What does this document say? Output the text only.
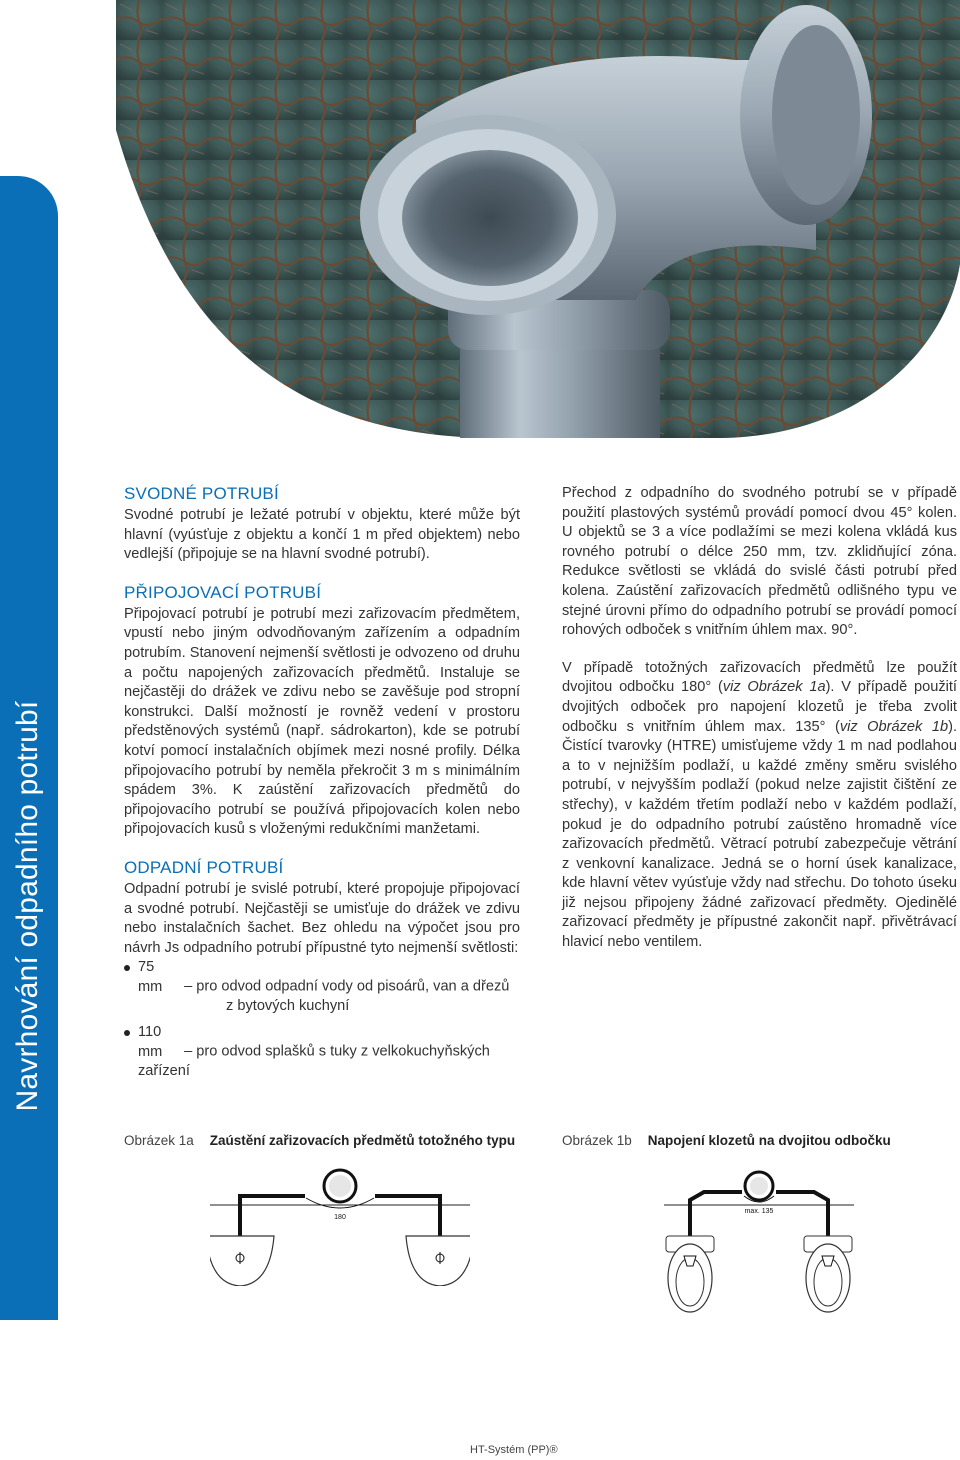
Navrhování odpadního potrubí
16
SVODNÉ POTRUBÍ

Svodné potrubí je ležaté potrubí v objektu, které může být hlavní (vyúsťuje z objektu a končí 1 m před objektem) nebo vedlejší (připojuje se na hlavní svodné potrubí).

PŘIPOJOVACÍ POTRUBÍ

Připojovací potrubí je potrubí mezi zařizovacím předmětem, vpustí nebo jiným odvodňovaným zařízením a odpadním potrubím. Stanovení nejmenší světlosti je odvozeno od druhu a počtu napojených zařizovacích předmětů. Instaluje se nejčastěji do drážek ve zdivu nebo se zavěšuje pod stropní konstrukci. Další možností je rovněž vedení v prostoru předstěnových systémů (např. sádrokarton), kde se potrubí kotví pomocí instalačních objímek mezi nosné profily. Délka připojovacího potrubí by neměla překročit 3 m s minimálním spádem 3%. K zaústění zařizovacích předmětů do připojovacího potrubí se používá připojovacích kolen nebo připojovacích kusů s vloženými redukčními manžetami.

ODPADNÍ POTRUBÍ

Odpadní potrubí je svislé potrubí, které propojuje připojovací a svodné potrubí. Nejčastěji se umisťuje do drážek ve zdivu nebo instalačních šachet. Bez ohledu na výpočet jsou pro návrh Js odpadního potrubí přípustné tyto nejmenší světlosti:

75 mm – pro odvod odpadní vody od pisoárů, van a dřezů
z bytových kuchyní
110 mm – pro odvod splašků s tuky z velkokuchyňských zařízení

Přechod z odpadního do svodného potrubí se v případě použití plastových systémů provádí pomocí dvou 45° kolen. U objektů se 3 a více podlažími se mezi kolena vkládá kus rovného potrubí o délce 250 mm, tzv. zklidňující zóna. Redukce světlosti se vkládá do svislé části potrubí před kolena. Zaústění zařizovacích předmětů odlišného typu ve stejné úrovni přímo do odpadního potrubí se provádí pomocí rohových odboček s vnitřním úhlem max. 90°.

V případě totožných zařizovacích předmětů lze použít dvojitou odbočku 180° (viz Obrázek 1a). V případě použití dvojitých odboček pro napojení klozetů je třeba zvolit odbočku s vnitřním úhlem max. 135° (viz Obrázek 1b). Čistící tvarovky (HTRE) umisťujeme vždy 1 m nad podlahou a to v nejnižším podlaží, u každé změny směru svislého potrubí, v nejvyšším podlaží (pokud nelze zajistit čištění ze střechy), v každém třetím podlaží nebo v každém podlaží, pokud je do odpadního potrubí zaústěno hromadně více zařizovacích předmětů. Větrací potrubí zabezpečuje větrání z venkovní kanalizace. Jedná se o horní úsek kanalizace, kde hlavní větev vyúsťuje vždy nad střechu. Do tohoto úseku již nejsou připojeny žádné zařizovací předměty. Ojedinělé zařizovací předměty je přípustné zakončit např. přivětrávací hlavicí nebo ventilem.

Obrázek 1a Zaústění zařizovacích předmětů totožného typu	Obrázek 1b Napojení klozetů na dvojitou odbočku
180
max. 135
HT-Systém (PP)®
